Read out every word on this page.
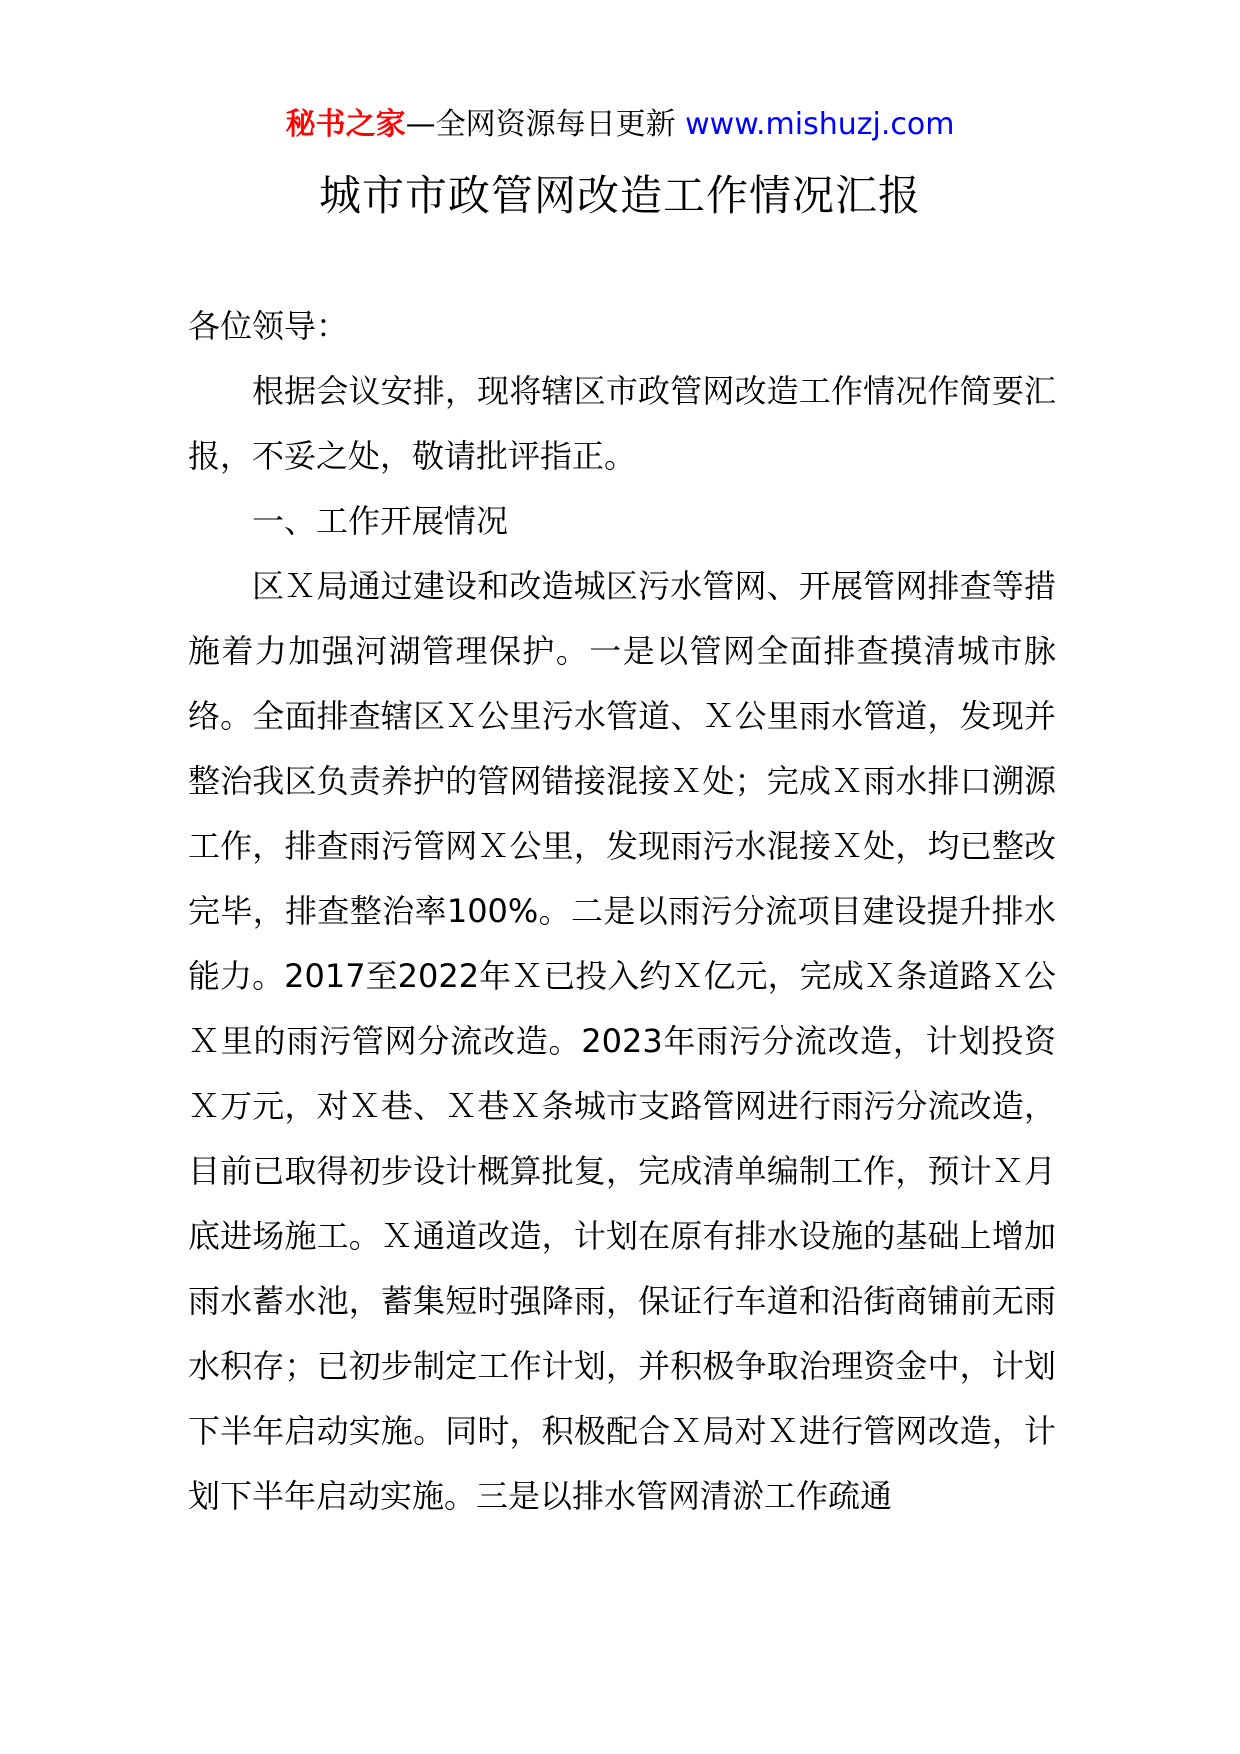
秘书之家—全网资源每日更新 www.mishuzj.com
城市市政管网改造工作情况汇报

各位领导：

根据会议安排，现将辖区市政管网改造工作情况作简要汇报，不妥之处，敬请批评指正。

一、工作开展情况

区Ｘ局通过建设和改造城区污水管网、开展管网排查等措施着力加强河湖管理保护。一是以管网全面排查摸清城市脉络。全面排查辖区Ｘ公里污水管道、Ｘ公里雨水管道，发现并整治我区负责养护的管网错接混接Ｘ处；完成Ｘ雨水排口溯源工作，排查雨污管网Ｘ公里，发现雨污水混接Ｘ处，均已整改完毕，排查整治率100%。二是以雨污分流项目建设提升排水能力。2017至2022年Ｘ已投入约Ｘ亿元，完成Ｘ条道路Ｘ公Ｘ里的雨污管网分流改造。2023年雨污分流改造，计划投资Ｘ万元，对Ｘ巷、Ｘ巷Ｘ条城市支路管网进行雨污分流改造，目前已取得初步设计概算批复，完成清单编制工作，预计Ｘ月底进场施工。Ｘ通道改造，计划在原有排水设施的基础上增加雨水蓄水池，蓄集短时强降雨，保证行车道和沿街商铺前无雨水积存；已初步制定工作计划，并积极争取治理资金中，计划下半年启动实施。同时，积极配合Ｘ局对Ｘ进行管网改造，计划下半年启动实施。三是以排水管网清淤工作疏通
